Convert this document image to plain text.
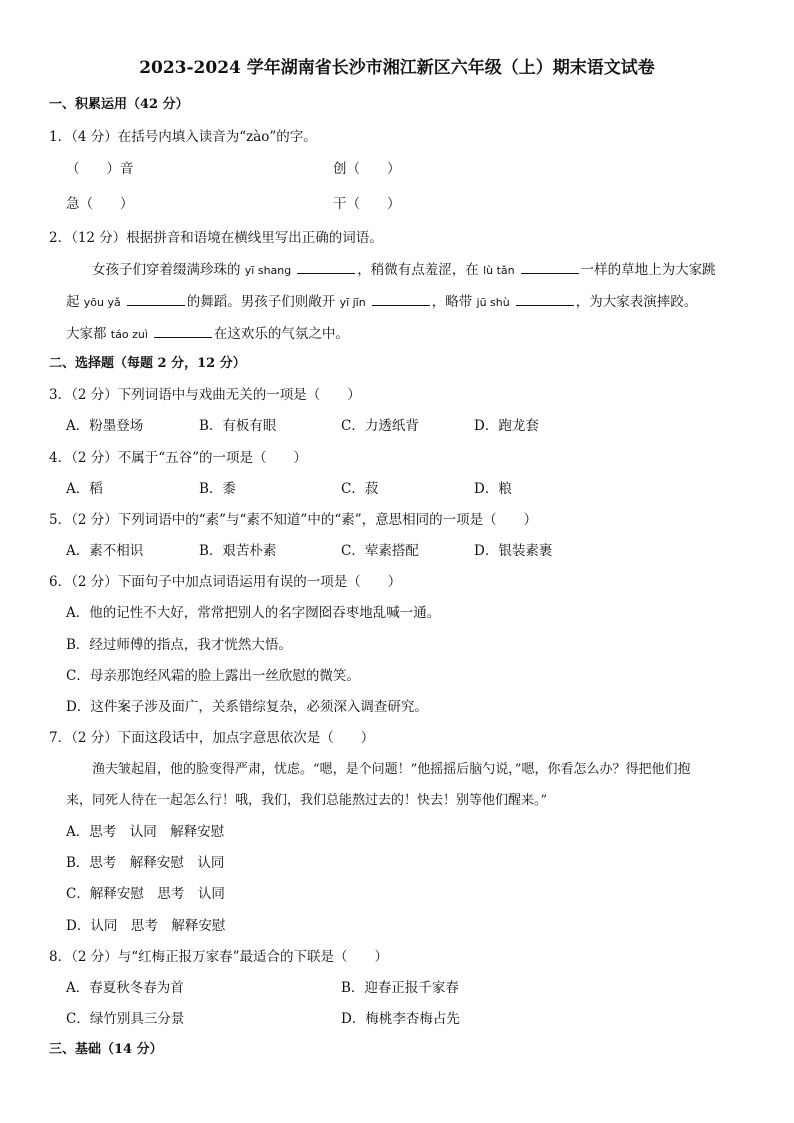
2023-2024 学年湖南省长沙市湘江新区六年级（上）期末语文试卷
一、积累运用（42 分）
1．（4 分）在括号内填入读音为“zào”的字。
（　　）音	创（　　）
急（　　）	干（　　）
2．（12 分）根据拼音和语境在横线里写出正确的词语。
女孩子们穿着缀满珍珠的 yī shang	，稍微有点羞涩，在 lù tǎn	一样的草地上为大家跳
起 yōu yǎ	的舞蹈。男孩子们则敞开 yī jīn	，略带 jū shù	，为大家表演摔跤。
大家都 táo zuì	在这欢乐的气氛之中。
二、选择题（每题 2 分，12 分）
3．（2 分）下列词语中与戏曲无关的一项是（　　）
A．粉墨登场	B．有板有眼	C．力透纸背	D．跑龙套
4．（2 分）不属于“五谷”的一项是（　　）
A．稻	B．黍	C．菽	D．粮
5．（2 分）下列词语中的“素”与“素不知道”中的“素”，意思相同的一项是（　　）
A．素不相识	B．艰苦朴素	C．荤素搭配	D．银装素裹
6．（2 分）下面句子中加点词语运用有误的一项是（　　）
A．他的记性不大好，常常把别人的名字囫囵吞枣地乱喊一通。
B．经过师傅的指点，我才恍然大悟。
C．母亲那饱经风霜的脸上露出一丝欣慰的微笑。
D．这件案子涉及面广，关系错综复杂，必须深入调查研究。
7．（2 分）下面这段话中，加点字意思依次是（　　）
渔夫皱起眉，他的脸变得严肃，忧虑。“嗯，是个问题！”他摇摇后脑勺说，”嗯，你看怎么办？得把他们抱
来，同死人待在一起怎么行！哦，我们，我们总能熬过去的！快去！别等他们醒来。”
A．思考　认同　解释安慰
B．思考　解释安慰　认同
C．解释安慰　思考　认同
D．认同　思考　解释安慰
8．（2 分）与“红梅正报万家春”最适合的下联是（　　）
A．春夏秋冬春为首	B．迎春正报千家春
C．绿竹别具三分景	D．梅桃李杏梅占先
三、基础（14 分）
